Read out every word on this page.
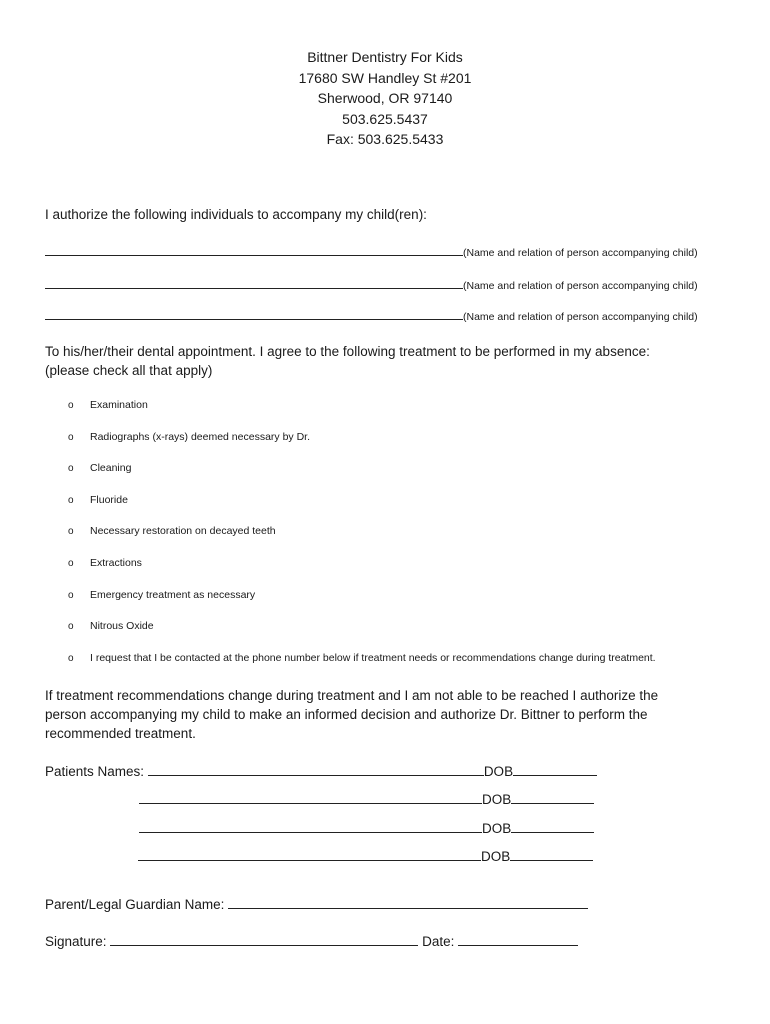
Bittner Dentistry For Kids
17680 SW Handley St #201
Sherwood, OR 97140
503.625.5437
Fax: 503.625.5433
I authorize the following individuals to accompany my child(ren):
(Name and relation of person accompanying child)
(Name and relation of person accompanying child)
(Name and relation of person accompanying child)
To his/her/their dental appointment. I agree to the following treatment to be performed in my absence:
(please check all that apply)
o Examination
o Radiographs (x-rays) deemed necessary by Dr.
o Cleaning
o Fluoride
o Necessary restoration on decayed teeth
o Extractions
o Emergency treatment as necessary
o Nitrous Oxide
o I request that I be contacted at the phone number below if treatment needs or recommendations change during treatment.
If treatment recommendations change during treatment and I am not able to be reached I authorize the
person accompanying my child to make an informed decision and authorize Dr. Bittner to perform the
recommended treatment.
Patients Names:	DOB
DOB
DOB
DOB
Parent/Legal Guardian Name:
Signature:	Date:
